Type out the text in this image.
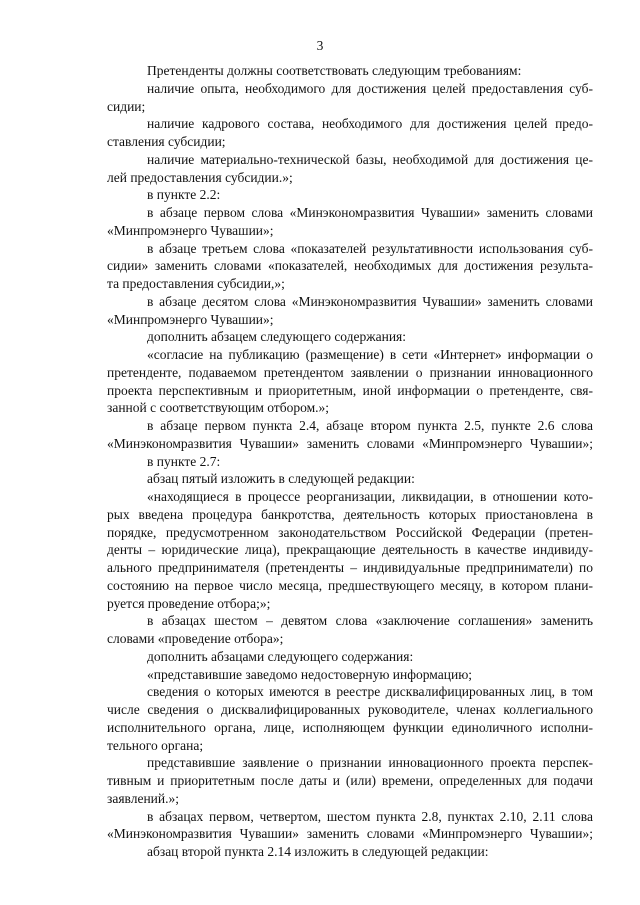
3
Претенденты должны соответствовать следующим требованиям:
наличие опыта, необходимого для достижения целей предоставления суб-
сидии;
наличие кадрового состава, необходимого для достижения целей предо-
ставления субсидии;
наличие материально-технической базы, необходимой для достижения це-
лей предоставления субсидии.»;
в пункте 2.2:
в абзаце первом слова «Минэкономразвития Чувашии» заменить словами
«Минпромэнерго Чувашии»;
в абзаце третьем слова «показателей результативности использования суб-
сидии» заменить словами «показателей, необходимых для достижения результа-
та предоставления субсидии,»;
в абзаце десятом слова «Минэкономразвития Чувашии» заменить словами
«Минпромэнерго Чувашии»;
дополнить абзацем следующего содержания:
«согласие на публикацию (размещение) в сети «Интернет» информации о
претенденте, подаваемом претендентом заявлении о признании инновационного
проекта перспективным и приоритетным, иной информации о претенденте, свя-
занной с соответствующим отбором.»;
в абзаце первом пункта 2.4, абзаце втором пункта 2.5, пункте 2.6 слова
«Минэкономразвития Чувашии» заменить словами «Минпромэнерго Чувашии»;
в пункте 2.7:
абзац пятый изложить в следующей редакции:
«находящиеся в процессе реорганизации, ликвидации, в отношении кото-
рых введена процедура банкротства, деятельность которых приостановлена в
порядке, предусмотренном законодательством Российской Федерации (претен-
денты – юридические лица), прекращающие деятельность в качестве индивиду-
ального предпринимателя (претенденты – индивидуальные предприниматели) по
состоянию на первое число месяца, предшествующего месяцу, в котором плани-
руется проведение отбора;»;
в абзацах шестом – девятом слова «заключение соглашения» заменить
словами «проведение отбора»;
дополнить абзацами следующего содержания:
«представившие заведомо недостоверную информацию;
сведения о которых имеются в реестре дисквалифицированных лиц, в том
числе сведения о дисквалифицированных руководителе, членах коллегиального
исполнительного органа, лице, исполняющем функции единоличного исполни-
тельного органа;
представившие заявление о признании инновационного проекта перспек-
тивным и приоритетным после даты и (или) времени, определенных для подачи
заявлений.»;
в абзацах первом, четвертом, шестом пункта 2.8, пунктах 2.10, 2.11 слова
«Минэкономразвития Чувашии» заменить словами «Минпромэнерго Чувашии»;
абзац второй пункта 2.14 изложить в следующей редакции:
